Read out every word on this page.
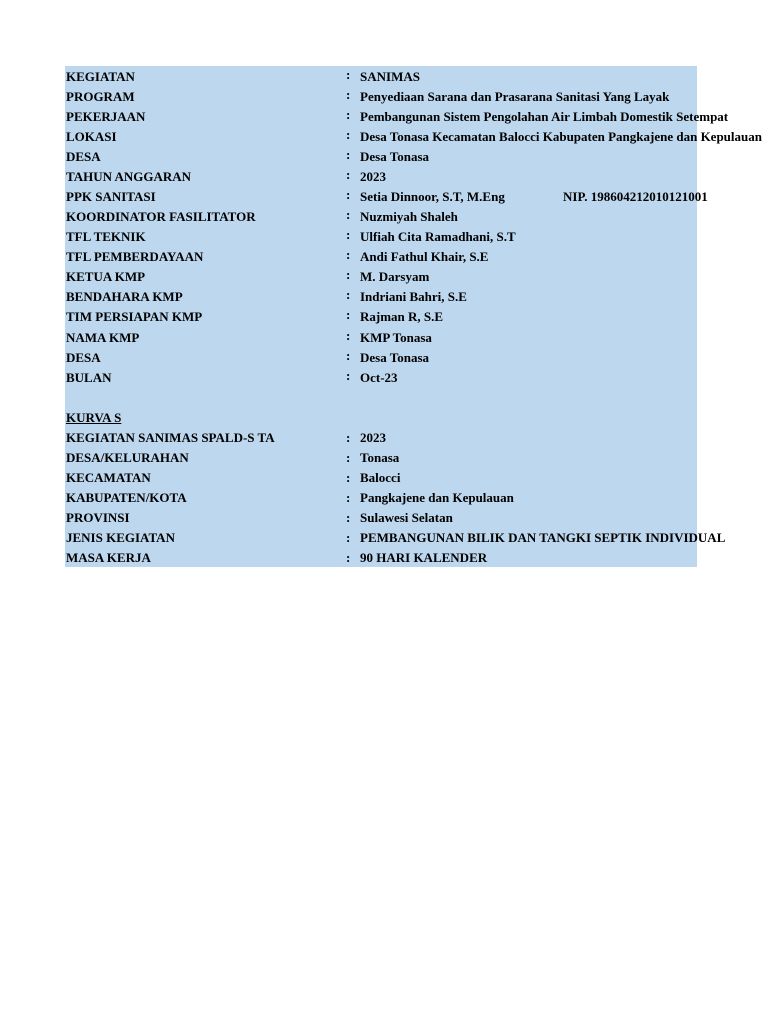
KEGIATAN	: SANIMAS
PROGRAM	: Penyediaan Sarana dan Prasarana Sanitasi Yang Layak
PEKERJAAN	: Pembangunan Sistem Pengolahan Air Limbah Domestik Setempat
LOKASI	: Desa Tonasa Kecamatan Balocci Kabupaten Pangkajene dan Kepulauan
DESA	: Desa Tonasa
TAHUN ANGGARAN	: 2023
PPK SANITASI	: Setia Dinnoor, S.T, M.Eng	NIP. 198604212010121001
KOORDINATOR FASILITATOR	: Nuzmiyah Shaleh
TFL TEKNIK	: Ulfiah Cita Ramadhani, S.T
TFL PEMBERDAYAAN	: Andi Fathul Khair, S.E
KETUA KMP	: M. Darsyam
BENDAHARA KMP	: Indriani Bahri, S.E
TIM PERSIAPAN KMP	: Rajman R, S.E
NAMA KMP	: KMP Tonasa
DESA	: Desa Tonasa
BULAN	: Oct-23
KURVA S
KEGIATAN SANIMAS SPALD-S TA	: 2023
DESA/KELURAHAN	: Tonasa
KECAMATAN	: Balocci
KABUPATEN/KOTA	: Pangkajene dan Kepulauan
PROVINSI	: Sulawesi Selatan
JENIS KEGIATAN	: PEMBANGUNAN BILIK DAN TANGKI SEPTIK INDIVIDUAL
MASA KERJA	: 90 HARI KALENDER
